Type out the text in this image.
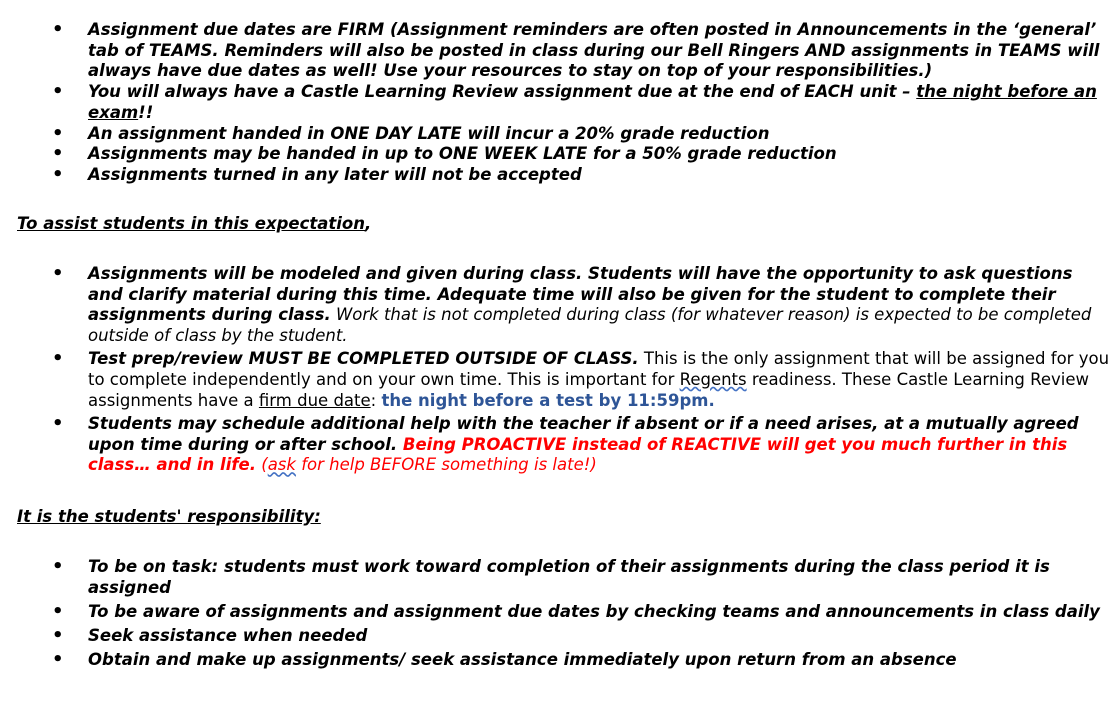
• Assignment due dates are FIRM (Assignment reminders are often posted in Announcements in the ‘general’ tab of TEAMS. Reminders will also be posted in class during our Bell Ringers AND assignments in TEAMS will always have due dates as well! Use your resources to stay on top of your responsibilities.)
• You will always have a Castle Learning Review assignment due at the end of EACH unit – the night before an exam!!
• An assignment handed in ONE DAY LATE will incur a 20% grade reduction
• Assignments may be handed in up to ONE WEEK LATE for a 50% grade reduction
• Assignments turned in any later will not be accepted
To assist students in this expectation,
• Assignments will be modeled and given during class. Students will have the opportunity to ask questions and clarify material during this time. Adequate time will also be given for the student to complete their assignments during class. Work that is not completed during class (for whatever reason) is expected to be completed outside of class by the student.
• Test prep/review MUST BE COMPLETED OUTSIDE OF CLASS. This is the only assignment that will be assigned for you to complete independently and on your own time. This is important for Regents readiness. These Castle Learning Review assignments have a firm due date: the night before a test by 11:59pm.
• Students may schedule additional help with the teacher if absent or if a need arises, at a mutually agreed upon time during or after school. Being PROACTIVE instead of REACTIVE will get you much further in this class… and in life. (ask for help BEFORE something is late!)
It is the students' responsibility:
• To be on task: students must work toward completion of their assignments during the class period it is assigned
• To be aware of assignments and assignment due dates by checking teams and announcements in class daily
• Seek assistance when needed
• Obtain and make up assignments/ seek assistance immediately upon return from an absence
